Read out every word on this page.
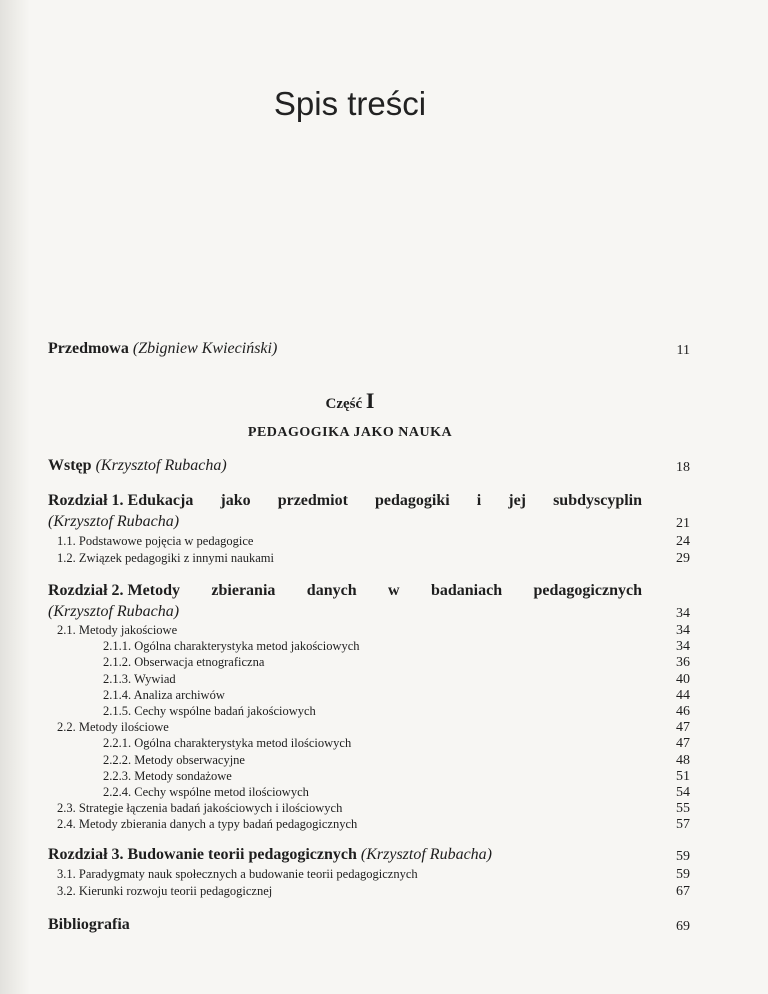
Spis treści
Przedmowa (Zbigniew Kwieciński)	11
Część I
PEDAGOGIKA JAKO NAUKA
Wstęp (Krzysztof Rubacha)	18
Rozdział 1. Edukacja jako przedmiot pedagogiki i jej subdyscyplin
(Krzysztof Rubacha)	21
1.1. Podstawowe pojęcia w pedagogice	24
1.2. Związek pedagogiki z innymi naukami	29
Rozdział 2. Metody zbierania danych w badaniach pedagogicznych
(Krzysztof Rubacha)	34
2.1. Metody jakościowe	34
2.1.1. Ogólna charakterystyka metod jakościowych	34
2.1.2. Obserwacja etnograficzna	36
2.1.3. Wywiad	40
2.1.4. Analiza archiwów	44
2.1.5. Cechy wspólne badań jakościowych	46
2.2. Metody ilościowe	47
2.2.1. Ogólna charakterystyka metod ilościowych	47
2.2.2. Metody obserwacyjne	48
2.2.3. Metody sondażowe	51
2.2.4. Cechy wspólne metod ilościowych	54
2.3. Strategie łączenia badań jakościowych i ilościowych	55
2.4. Metody zbierania danych a typy badań pedagogicznych	57
Rozdział 3. Budowanie teorii pedagogicznych (Krzysztof Rubacha)	59
3.1. Paradygmaty nauk społecznych a budowanie teorii pedagogicznych	59
3.2. Kierunki rozwoju teorii pedagogicznej	67
Bibliografia	69
